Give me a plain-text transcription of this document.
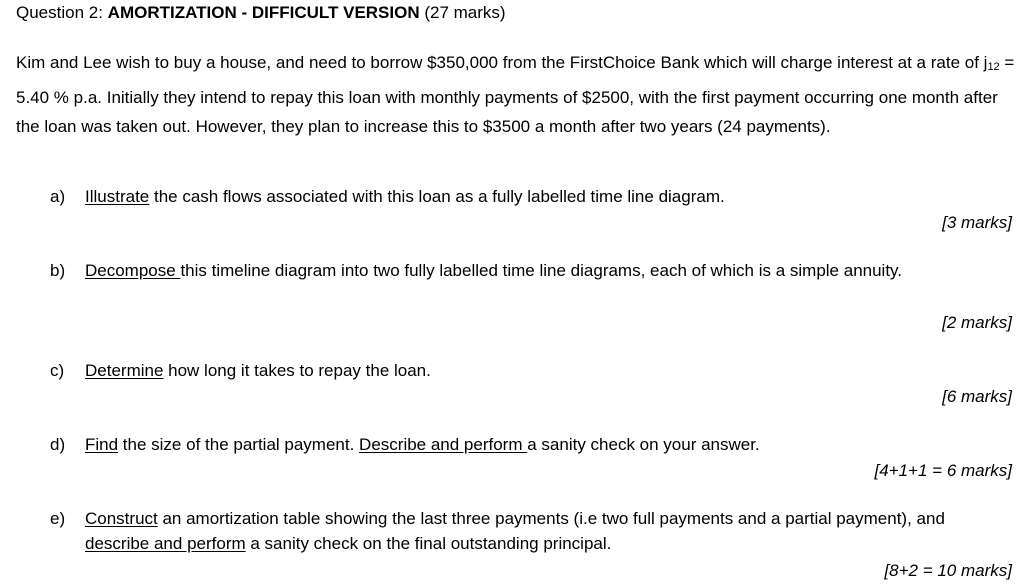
Question 2: AMORTIZATION - DIFFICULT VERSION (27 marks)
Kim and Lee wish to buy a house, and need to borrow $350,000 from the FirstChoice Bank which will charge interest at a rate of $j_{12} = 5.40$ % p.a. Initially they intend to repay this loan with monthly payments of $2500, with the first payment occurring one month after the loan was taken out. However, they plan to increase this to $3500 a month after two years (24 payments).
a) Illustrate the cash flows associated with this loan as a fully labelled time line diagram.
[3 marks]
b) Decompose this timeline diagram into two fully labelled time line diagrams, each of which is a simple annuity.
[2 marks]
c) Determine how long it takes to repay the loan.
[6 marks]
d) Find the size of the partial payment. Describe and perform a sanity check on your answer.
[4+1+1 = 6 marks]
e) Construct an amortization table showing the last three payments (i.e two full payments and a partial payment), and describe and perform a sanity check on the final outstanding principal.
[8+2 = 10 marks]
